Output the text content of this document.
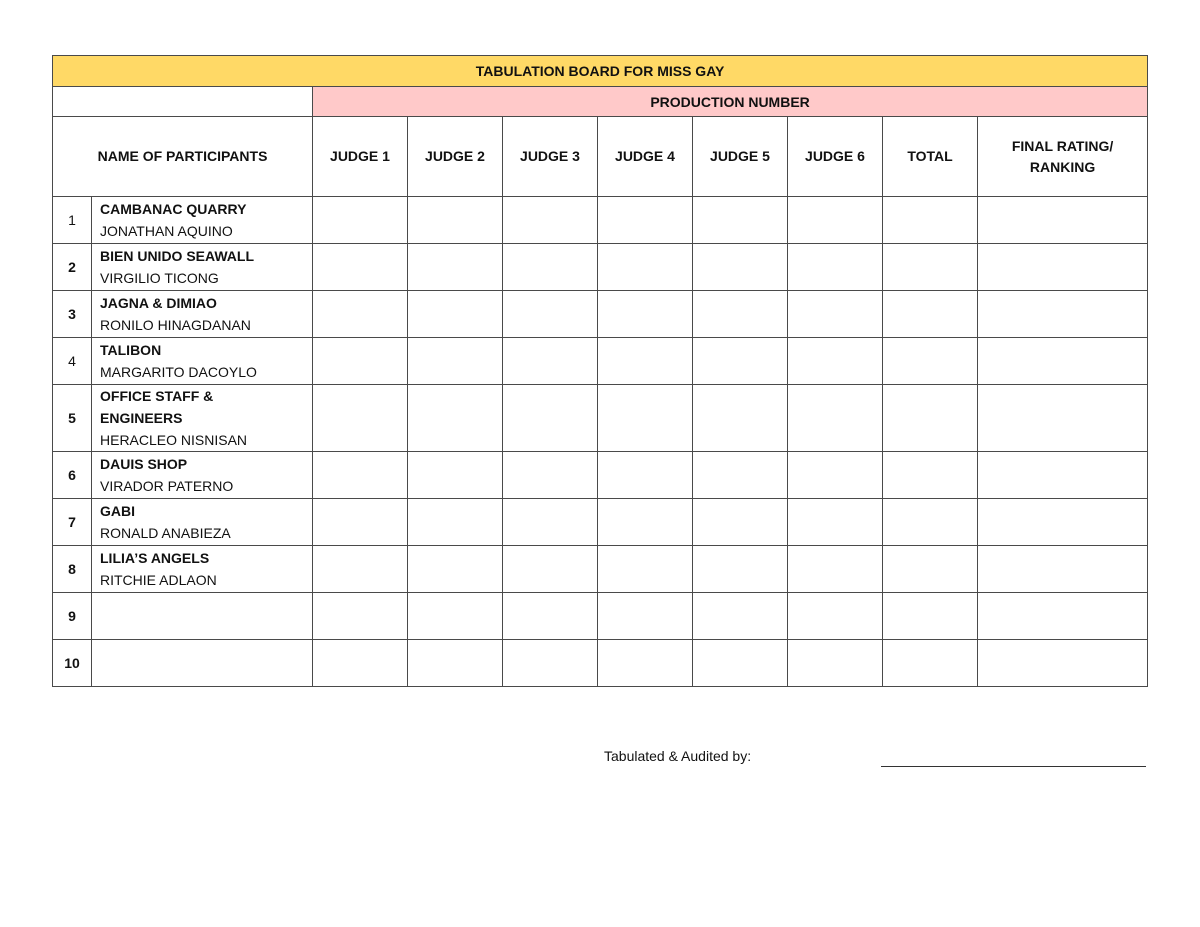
TABULATION BOARD FOR MISS GAY									
		PRODUCTION NUMBER							
NAME OF PARTICIPANTS		JUDGE 1	JUDGE 2	JUDGE 3	JUDGE 4	JUDGE 5	JUDGE 6	TOTAL	FINAL RATING/
RANKING
1	CAMBANAC QUARRY
JONATHAN AQUINO								

2	BIEN UNIDO SEAWALL
VIRGILIO TICONG								

3	JAGNA & DIMIAO
RONILO HINAGDANAN								

4	TALIBON
MARGARITO DACOYLO								

5	OFFICE STAFF &
ENGINEERS
HERACLEO NISNISAN								

6	DAUIS SHOP
VIRADOR PATERNO								

7	GABI
RONALD ANABIEZA								

8	LILIA’S ANGELS
RITCHIE ADLAON								

9									
10									
Tabulated & Audited by:
